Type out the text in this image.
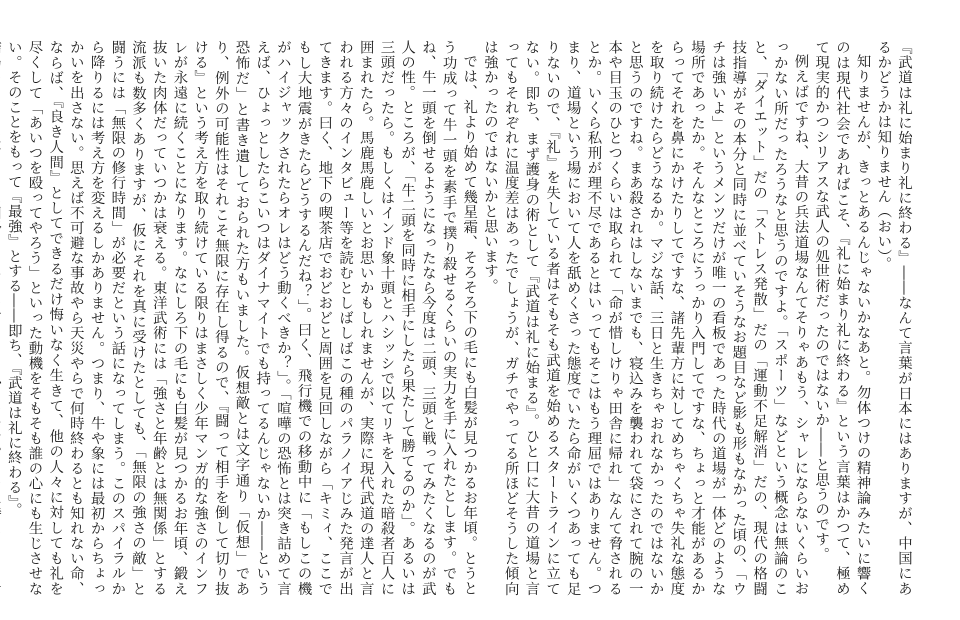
『武道は礼に始まり礼に終わる』――なんて言葉が日本にはありますが、中国にあるかどうかは知りません（おい）。

知りませんが、きっとあるんじゃないかなあと。勿体つけの精神論みたいに響くのは現代社会であればこそ、『礼に始まり礼に終わる』という言葉はかつて、極めて現実的かつシリアスな武人の処世術だったのではないか――と思うのです。

例えばですね、大昔の兵法道場なんてそりゃあもう、シャレにならないくらいおっかない所だったろうなと思うのですよ。「スポーツ」などという概念は無論のこと、「ダイエット」だの「ストレス発散」だの「運動不足解消」だの、現代の格闘技指導がその本分と同時に並べていそうなお題目など影も形もなかった頃の、「ウチは強いよ」というメンツだけが唯一の看板であった時代の道場が一体どのような場所であったか。そんなところにうっかり入門してですな、ちょっと才能があるからってそれを鼻にかけたりしてですな、諸先輩方に対してめちゃくちゃ失礼な態度を取り続けたらどうなるか。マジな話、三日と生きちゃおれなかったのではないかと思うのですね。まあ殺されはしないまでも、寝込みを襲われて袋にされて腕の一本や目玉のひとつくらいは取られて「命が惜しけりゃ田舎に帰れ」なんて脅されるとか。いくら私刑が理不尽であるとはいってもそこはもう理屈ではありません。つまり、道場という場において人を舐めくさった態度でいたら命がいくつあっても足りないので、『礼』を失している者はそもそも武道を始めるスタートラインに立てない。即ち、まず護身の術として『武道は礼に始まる』。ひと口に大昔の道場と言ってもそれぞれに温度差はあったでしょうが、ガチでやってる所ほどそうした傾向は強かったのではないかと思います。

では、礼より始めて幾星霜、そろそろ下の毛にも白髪が見つかるお年頃。とうとう功成って牛一頭を素手で撲り殺せるくらいの実力を手に入れたとします。でもね、牛一頭を倒せるようになったなら今度は二頭、三頭と戦ってみたくなるのが武人の性。ところが、「牛二頭を同時に相手にしたら果たして勝てるのか」。あるいは三頭だったら。もしくはインド象十頭とハシッシで以てリキを入れた暗殺者百人に囲まれたら。馬鹿馬鹿しいとお思いかもしれませんが、実際に現代武道の達人と言われる方々のインタビュー等を読むとしばしばこの種のパラノイアじみた発言が出てきます。曰く、地下の喫茶店でおどおどと周囲を見回しながら「キミィ、ここでもし大地震がきたらどうするんだね？」。曰く、飛行機での移動中に「もしこの機がハイジャックされたらオレはどう動くべきか？」。「喧嘩の恐怖とは突き詰めて言えば、ひょっとしたらこいつはダイナマイトでも持ってるんじゃないか――という恐怖だ」と書き遺しておられた方もいました。仮想敵とは文字通り「仮想」であり、例外の可能性はそれこそ無限に存在し得るので、『闘って相手を倒して切り抜ける』という考え方を取り続けている限りはまさしく少年マンガ的な強さのインフレが永遠に続くことになります。なにしろ下の毛にも白髪が見つかるお年頃、鍛え抜いた肉体だっていつかは衰える。東洋武術には「強さと年齢とは無関係」とする流派も数多くありますが、仮にそれを真に受けたとしても、「無限の強さの敵」と闘うには「無限の修行時間」が必要だという話になってしまう。このスパイラルから降りるには考え方を変えるしかありません。つまり、牛や象には最初からちょっかいを出さない。思えば不可避な事故やら天災やらで何時終わるとも知れない命、ならば、『良き人間』としてできるだけ悔いなく生きて、他の人々に対しても礼を尽くして「あいつを殴ってやろう」といった動機をそもそも誰の心にも生じさせない。そのことをもって『最強』とする――即ち、『武道は礼に終わる』。
